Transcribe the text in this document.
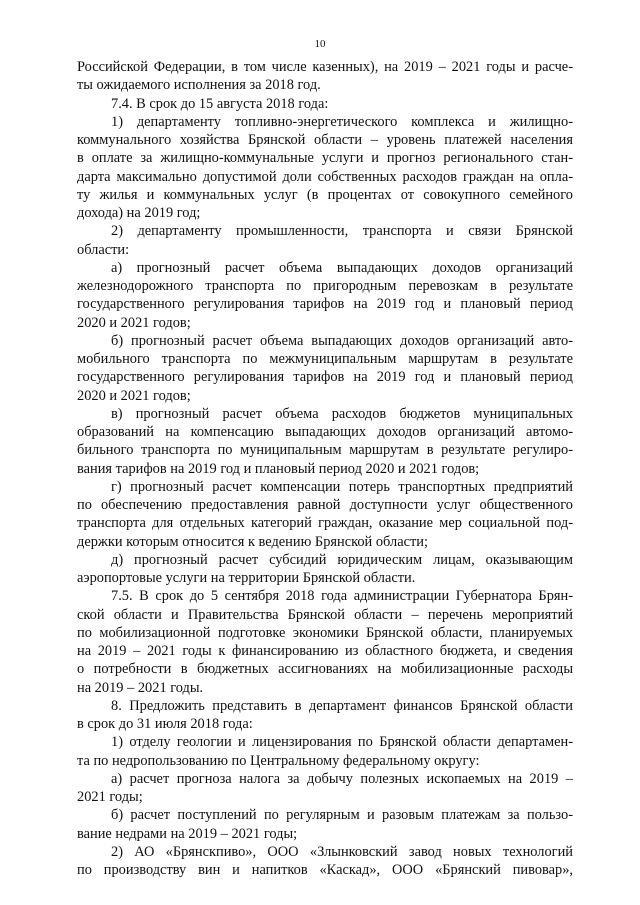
10
Российской Федерации, в том числе казенных), на 2019 – 2021 годы и расче-
ты ожидаемого исполнения за 2018 год.
7.4. В срок до 15 августа 2018 года:
1) департаменту топливно-энергетического комплекса и жилищно-
коммунального хозяйства Брянской области – уровень платежей населения
в оплате за жилищно-коммунальные услуги и прогноз регионального стан-
дарта максимально допустимой доли собственных расходов граждан на опла-
ту жилья и коммунальных услуг (в процентах от совокупного семейного
дохода) на 2019 год;
2) департаменту промышленности, транспорта и связи Брянской
области:
а) прогнозный расчет объема выпадающих доходов организаций
железнодорожного транспорта по пригородным перевозкам в результате
государственного регулирования тарифов на 2019 год и плановый период
2020 и 2021 годов;
б) прогнозный расчет объема выпадающих доходов организаций авто-
мобильного транспорта по межмуниципальным маршрутам в результате
государственного регулирования тарифов на 2019 год и плановый период
2020 и 2021 годов;
в) прогнозный расчет объема расходов бюджетов муниципальных
образований на компенсацию выпадающих доходов организаций автомо-
бильного транспорта по муниципальным маршрутам в результате регулиро-
вания тарифов на 2019 год и плановый период 2020 и 2021 годов;
г) прогнозный расчет компенсации потерь транспортных предприятий
по обеспечению предоставления равной доступности услуг общественного
транспорта для отдельных категорий граждан, оказание мер социальной под-
держки которым относится к ведению Брянской области;
д) прогнозный расчет субсидий юридическим лицам, оказывающим
аэропортовые услуги на территории Брянской области.
7.5. В срок до 5 сентября 2018 года администрации Губернатора Брян-
ской области и Правительства Брянской области – перечень мероприятий
по мобилизационной подготовке экономики Брянской области, планируемых
на 2019 – 2021 годы к финансированию из областного бюджета, и сведения
о потребности в бюджетных ассигнованиях на мобилизационные расходы
на 2019 – 2021 годы.
8. Предложить представить в департамент финансов Брянской области
в срок до 31 июля 2018 года:
1) отделу геологии и лицензирования по Брянской области департамен-
та по недропользованию по Центральному федеральному округу:
а) расчет прогноза налога за добычу полезных ископаемых на 2019 –
2021 годы;
б) расчет поступлений по регулярным и разовым платежам за пользо-
вание недрами на 2019 – 2021 годы;
2) АО «Брянскпиво», ООО «Злынковский завод новых технологий
по производству вин и напитков «Каскад», ООО «Брянский пивовар»,
